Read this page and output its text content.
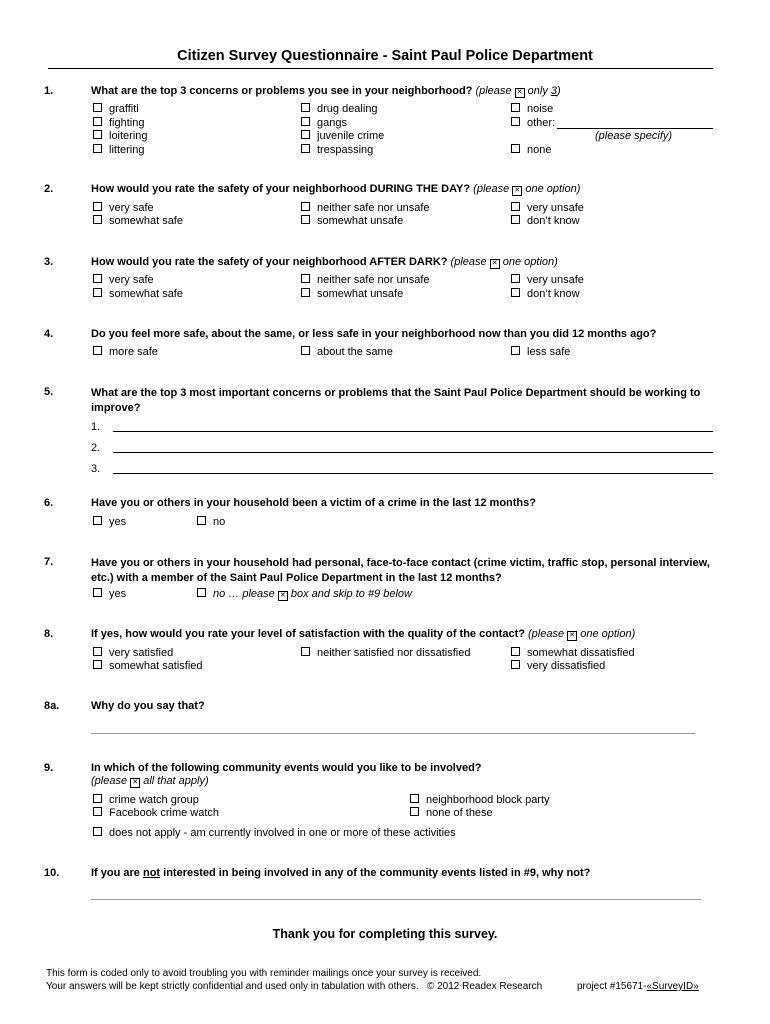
Citizen Survey Questionnaire - Saint Paul Police Department
1.	What are the top 3 concerns or problems you see in your neighborhood? (please ✕ only 3)
graffiti
fighting
loitering
littering
drug dealing
gangs
juvenile crime
trespassing
noise
other:
(please specify)
none
2.	How would you rate the safety of your neighborhood DURING THE DAY? (please ✕ one option)
very safe
somewhat safe
neither safe nor unsafe
somewhat unsafe
very unsafe
don’t know
3.	How would you rate the safety of your neighborhood AFTER DARK? (please ✕ one option)
very safe
somewhat safe
neither safe nor unsafe
somewhat unsafe
very unsafe
don’t know
4.	Do you feel more safe, about the same, or less safe in your neighborhood now than you did 12 months ago?
more safe	about the same	less safe
5.	What are the top 3 most important concerns or problems that the Saint Paul Police Department should be working to improve?
1.
2.
3.
6.	Have you or others in your household been a victim of a crime in the last 12 months?
yes	no
7.	Have you or others in your household had personal, face-to-face contact (crime victim, traffic stop, personal interview, etc.) with a member of the Saint Paul Police Department in the last 12 months?
yes	no … please ✕ box and skip to #9 below
8.	If yes, how would you rate your level of satisfaction with the quality of the contact? (please ✕ one option)
very satisfied
somewhat satisfied
neither satisfied nor dissatisfied	somewhat dissatisfied
very dissatisfied
8a.	Why do you say that?
9.	In which of the following community events would you like to be involved?
(please ✕ all that apply)
crime watch group
Facebook crime watch
neighborhood block party
none of these
does not apply - am currently involved in one or more of these activities
10.	If you are not interested in being involved in any of the community events listed in #9, why not?
Thank you for completing this survey.
This form is coded only to avoid troubling you with reminder mailings once your survey is received.
Your answers will be kept strictly confidential and used only in tabulation with others. © 2012 Readex Research	project #15671-«SurveyID»
